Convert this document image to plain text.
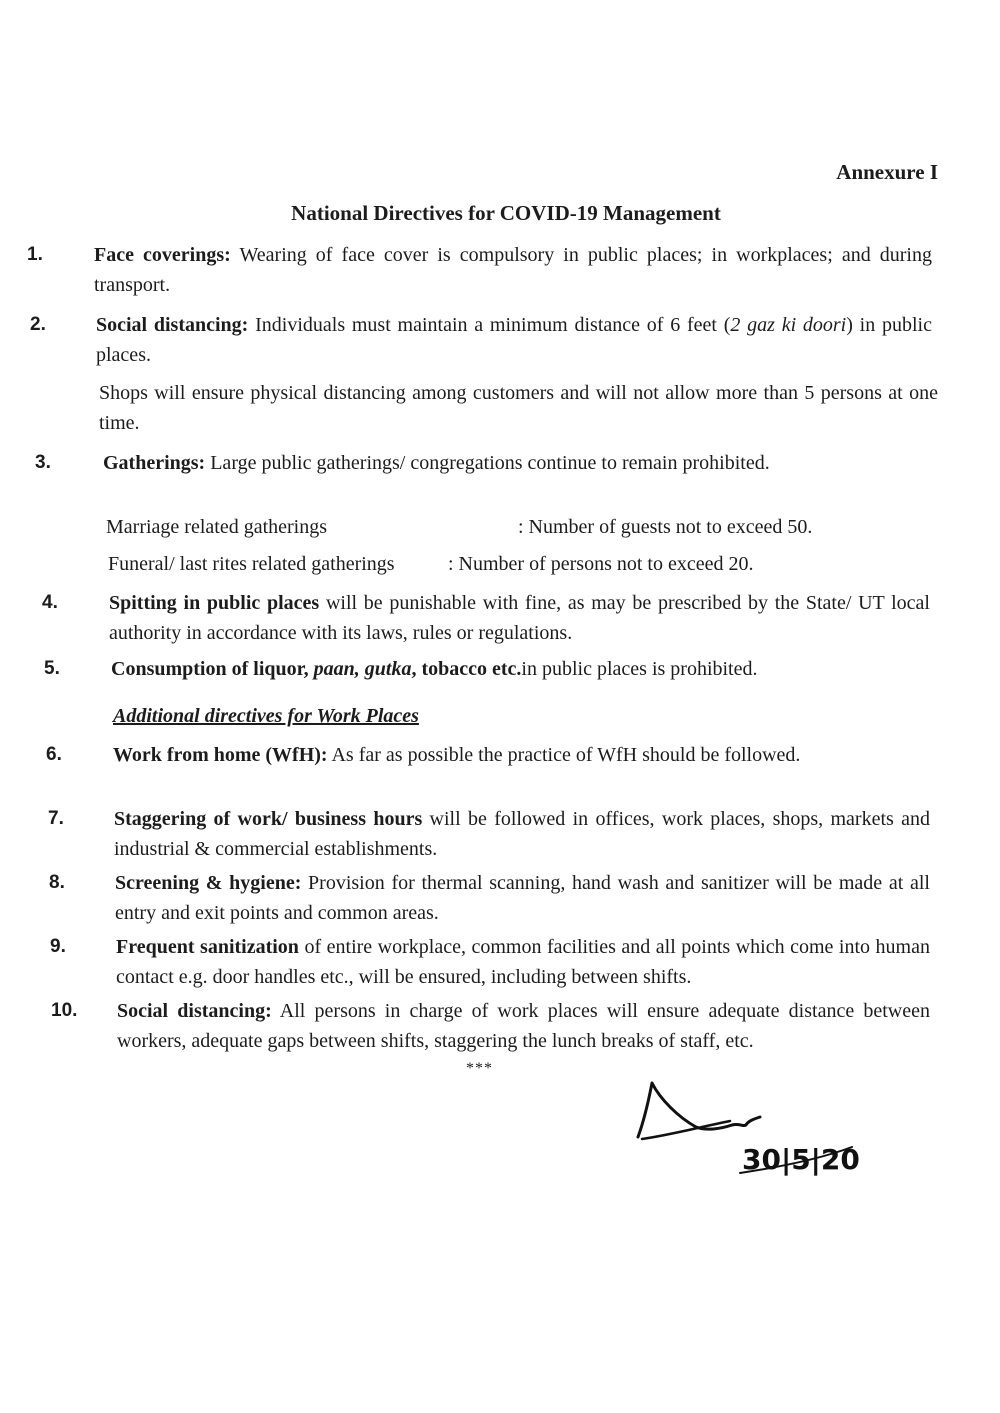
Annexure I
National Directives for COVID-19 Management
1.	Face coverings: Wearing of face cover is compulsory in public places; in workplaces; and during transport.
2.	Social distancing: Individuals must maintain a minimum distance of 6 feet (2 gaz ki doori) in public places.
Shops will ensure physical distancing among customers and will not allow more than 5 persons at one time.
3.	Gatherings: Large public gatherings/ congregations continue to remain prohibited.
Marriage related gatherings	: Number of guests not to exceed 50.
Funeral/ last rites related gatherings	: Number of persons not to exceed 20.
4.	Spitting in public places will be punishable with fine, as may be prescribed by the State/ UT local authority in accordance with its laws, rules or regulations.
5.	Consumption of liquor, paan, gutka, tobacco etc.in public places is prohibited.
Additional directives for Work Places
6.	Work from home (WfH): As far as possible the practice of WfH should be followed.
7.	Staggering of work/ business hours will be followed in offices, work places, shops, markets and industrial & commercial establishments.
8.	Screening & hygiene: Provision for thermal scanning, hand wash and sanitizer will be made at all entry and exit points and common areas.
9.	Frequent sanitization of entire workplace, common facilities and all points which come into human contact e.g. door handles etc., will be ensured, including between shifts.
10. Social distancing: All persons in charge of work places will ensure adequate distance between workers, adequate gaps between shifts, staggering the lunch breaks of staff, etc.
***
30|5|20
